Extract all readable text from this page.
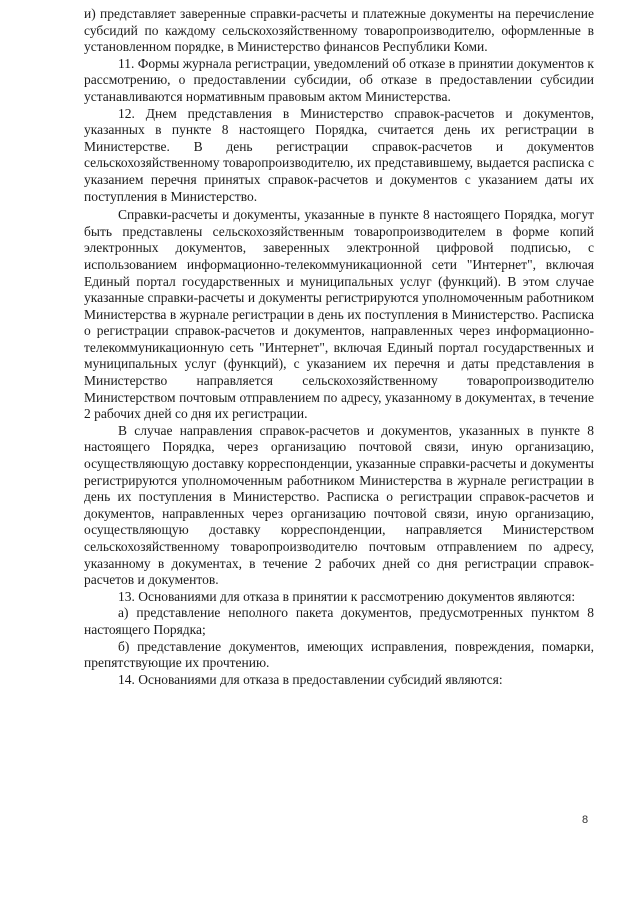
и) представляет заверенные справки-расчеты и платежные документы на перечисление субсидий по каждому сельскохозяйственному товаропроизводителю, оформленные в установленном порядке, в Министерство финансов Республики Коми.

11. Формы журнала регистрации, уведомлений об отказе в принятии документов к рассмотрению, о предоставлении субсидии, об отказе в предоставлении субсидии устанавливаются нормативным правовым актом Министерства.

12. Днем представления в Министерство справок-расчетов и документов, указанных в пункте 8 настоящего Порядка, считается день их регистрации в Министерстве. В день регистрации справок-расчетов и документов сельскохозяйственному товаропроизводителю, их представившему, выдается расписка с указанием перечня принятых справок-расчетов и документов с указанием даты их поступления в Министерство.

Справки-расчеты и документы, указанные в пункте 8 настоящего Порядка, могут быть представлены сельскохозяйственным товаропроизводителем в форме копий электронных документов, заверенных электронной цифровой подписью, с использованием информационно-телекоммуникационной сети "Интернет", включая Единый портал государственных и муниципальных услуг (функций). В этом случае указанные справки-расчеты и документы регистрируются уполномоченным работником Министерства в журнале регистрации в день их поступления в Министерство. Расписка о регистрации справок-расчетов и документов, направленных через информационно-телекоммуникационную сеть "Интернет", включая Единый портал государственных и муниципальных услуг (функций), с указанием их перечня и даты представления в Министерство направляется сельскохозяйственному товаропроизводителю Министерством почтовым отправлением по адресу, указанному в документах, в течение 2 рабочих дней со дня их регистрации.

В случае направления справок-расчетов и документов, указанных в пункте 8 настоящего Порядка, через организацию почтовой связи, иную организацию, осуществляющую доставку корреспонденции, указанные справки-расчеты и документы регистрируются уполномоченным работником Министерства в журнале регистрации в день их поступления в Министерство. Расписка о регистрации справок-расчетов и документов, направленных через организацию почтовой связи, иную организацию, осуществляющую доставку корреспонденции, направляется Министерством сельскохозяйственному товаропроизводителю почтовым отправлением по адресу, указанному в документах, в течение 2 рабочих дней со дня регистрации справок-расчетов и документов.

13. Основаниями для отказа в принятии к рассмотрению документов являются:

а) представление неполного пакета документов, предусмотренных пунктом 8 настоящего Порядка;

б) представление документов, имеющих исправления, повреждения, помарки, препятствующие их прочтению.

14. Основаниями для отказа в предоставлении субсидий являются:

8
